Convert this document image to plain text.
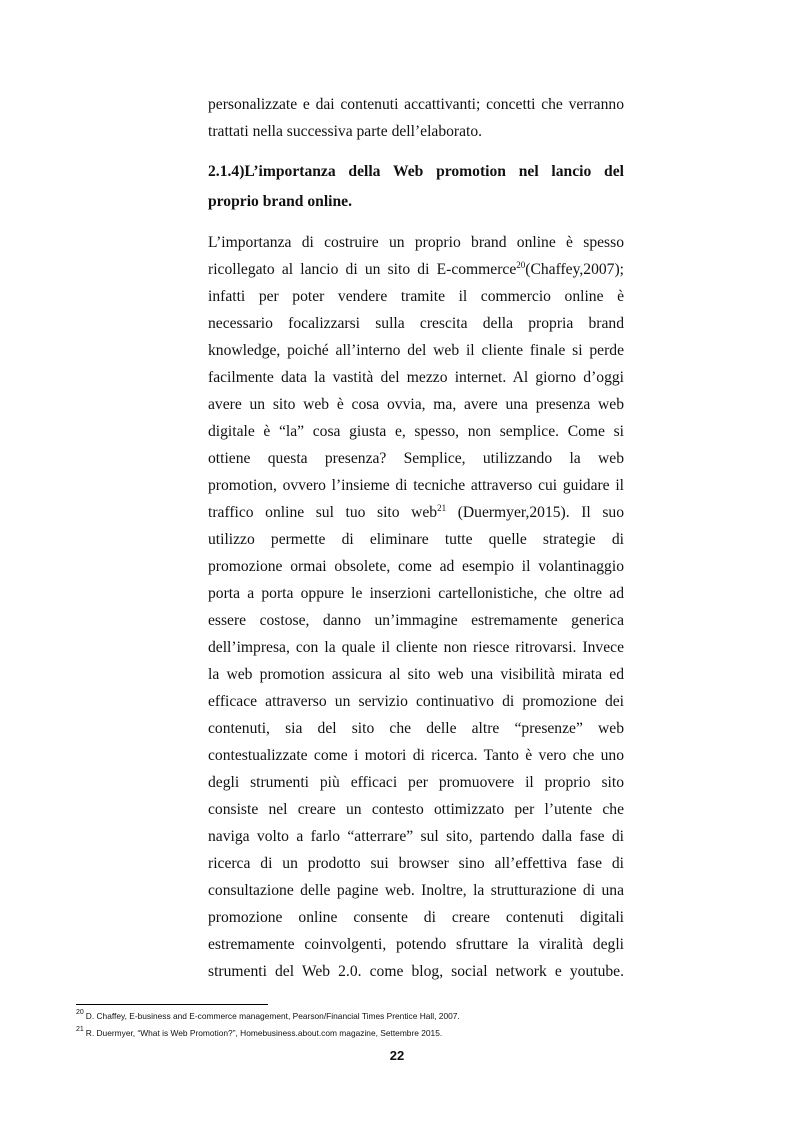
personalizzate e dai contenuti accattivanti; concetti che verranno
trattati nella successiva parte dell’elaborato.
2.1.4)L’importanza della Web promotion nel lancio del
proprio brand online.
L’importanza di costruire un proprio brand online è spesso
ricollegato al lancio di un sito di E-commerce$^{20}$(Chaffey,2007);
infatti per poter vendere tramite il commercio online è
necessario focalizzarsi sulla crescita della propria brand
knowledge, poiché all’interno del web il cliente finale si perde
facilmente data la vastità del mezzo internet. Al giorno d’oggi
avere un sito web è cosa ovvia, ma, avere una presenza web
digitale è “la” cosa giusta e, spesso, non semplice. Come si
ottiene questa presenza? Semplice, utilizzando la web
promotion, ovvero l’insieme di tecniche attraverso cui guidare il
traffico online sul tuo sito web$^{21}$ (Duermyer,2015). Il suo
utilizzo permette di eliminare tutte quelle strategie di
promozione ormai obsolete, come ad esempio il volantinaggio
porta a porta oppure le inserzioni cartellonistiche, che oltre ad
essere costose, danno un’immagine estremamente generica
dell’impresa, con la quale il cliente non riesce ritrovarsi. Invece
la web promotion assicura al sito web una visibilità mirata ed
efficace attraverso un servizio continuativo di promozione dei
contenuti, sia del sito che delle altre “presenze” web
contestualizzate come i motori di ricerca. Tanto è vero che uno
degli strumenti più efficaci per promuovere il proprio sito
consiste nel creare un contesto ottimizzato per l’utente che
naviga volto a farlo “atterrare” sul sito, partendo dalla fase di
ricerca di un prodotto sui browser sino all’effettiva fase di
consultazione delle pagine web. Inoltre, la strutturazione di una
promozione online consente di creare contenuti digitali
estremamente coinvolgenti, potendo sfruttare la viralità degli
strumenti del Web 2.0. come blog, social network e youtube.
$^{20}$ D. Chaffey, E-business and E-commerce management, Pearson/Financial Times Prentice Hall, 2007.
$^{21}$ R. Duermyer, “What is Web Promotion?”, Homebusiness.about.com magazine, Settembre 2015.
22
